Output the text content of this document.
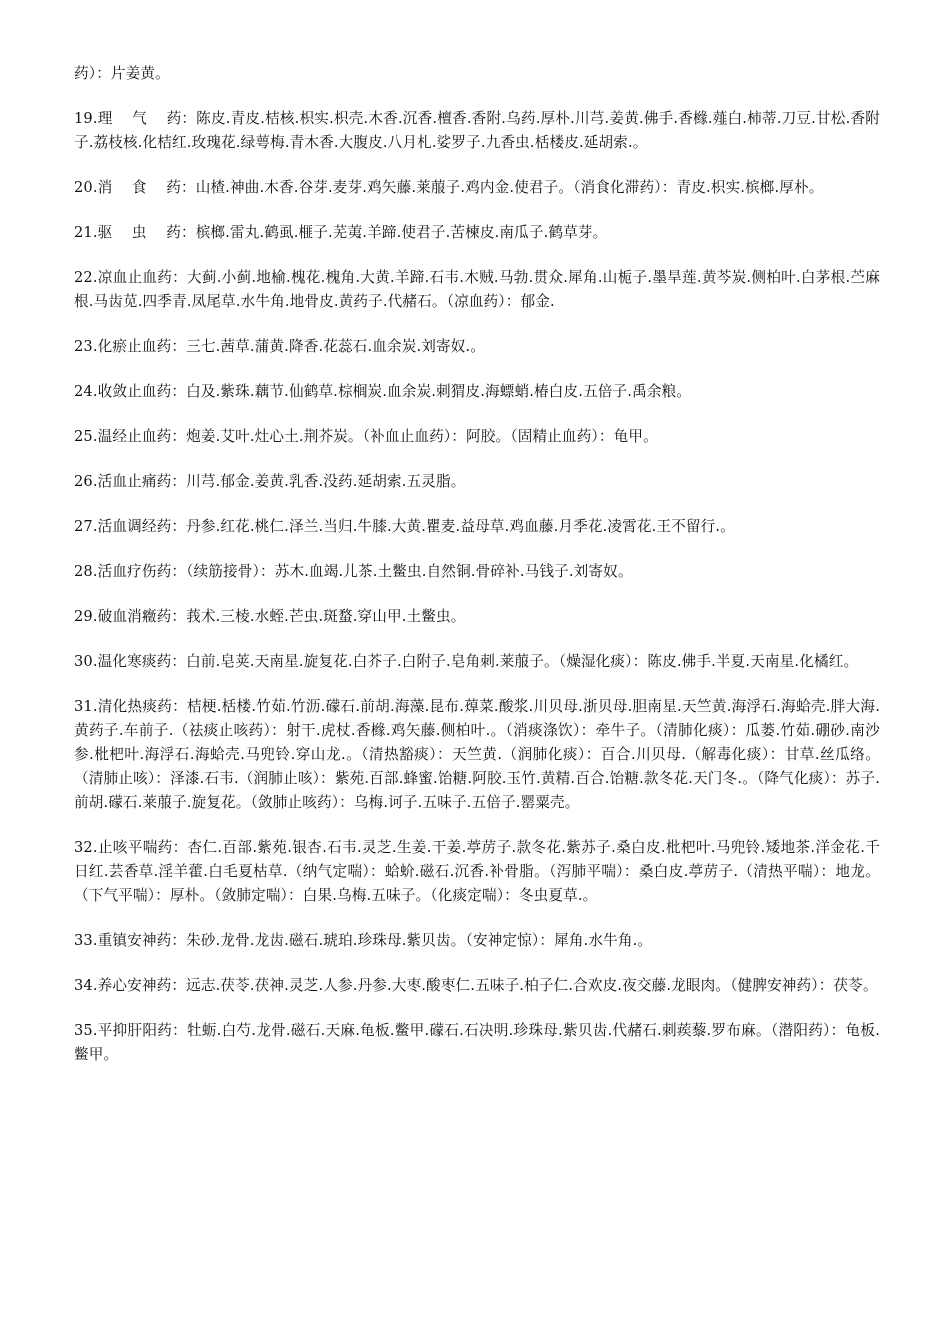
药）：片姜黄。

19.理　 气　 药：陈皮.青皮.桔核.枳实.枳壳.木香.沉香.檀香.香附.乌药.厚朴.川芎.姜黄.佛手.香橼.薤白.柿蒂.刀豆.甘松.香附子.荔枝核.化桔红.玫瑰花.绿萼梅.青木香.大腹皮.八月札.娑罗子.九香虫.栝楼皮.延胡索.。

20.消　 食　 药：山楂.神曲.木香.谷芽.麦芽.鸡矢藤.莱菔子.鸡内金.使君子。（消食化滞药）：青皮.枳实.槟榔.厚朴。

21.驱　 虫　 药：槟榔.雷丸.鹤虱.榧子.芜荑.羊蹄.使君子.苦楝皮.南瓜子.鹤草芽。

22.凉血止血药：大蓟.小蓟.地榆.槐花.槐角.大黄.羊蹄.石韦.木贼.马勃.贯众.犀角.山栀子.墨旱莲.黄芩炭.侧柏叶.白茅根.苎麻根.马齿苋.四季青.凤尾草.水牛角.地骨皮.黄药子.代赭石。（凉血药）：郁金.

23.化瘀止血药：三七.茜草.蒲黄.降香.花蕊石.血余炭.刘寄奴.。

24.收敛止血药：白及.紫珠.藕节.仙鹤草.棕榈炭.血余炭.刺猬皮.海螵蛸.椿白皮.五倍子.禹余粮。

25.温经止血药：炮姜.艾叶.灶心土.荆芥炭。（补血止血药）：阿胶。（固精止血药）：龟甲。

26.活血止痛药：川芎.郁金.姜黄.乳香.没药.延胡索.五灵脂。

27.活血调经药：丹参.红花.桃仁.泽兰.当归.牛膝.大黄.瞿麦.益母草.鸡血藤.月季花.凌霄花.王不留行.。

28.活血疗伤药：（续筋接骨）：苏木.血竭.儿茶.土鳖虫.自然铜.骨碎补.马钱子.刘寄奴。

29.破血消癥药：莪术.三棱.水蛭.芒虫.斑蝥.穿山甲.土鳖虫。

30.温化寒痰药：白前.皂荚.天南星.旋复花.白芥子.白附子.皂角刺.莱菔子。（燥湿化痰）：陈皮.佛手.半夏.天南星.化橘红。

31.清化热痰药：桔梗.栝楼.竹茹.竹沥.礞石.前胡.海藻.昆布.蔊菜.酸浆.川贝母.浙贝母.胆南星.天竺黄.海浮石.海蛤壳.胖大海.黄药子.车前子.（祛痰止咳药）：射干.虎杖.香橼.鸡矢藤.侧柏叶.。（消痰涤饮）：牵牛子。（清肺化痰）：瓜蒌.竹茹.硼砂.南沙参.枇杷叶.海浮石.海蛤壳.马兜铃.穿山龙.。（清热豁痰）：天竺黄.（润肺化痰）：百合.川贝母.（解毒化痰）：甘草.丝瓜络。（清肺止咳）：泽漆.石韦.（润肺止咳）：紫苑.百部.蜂蜜.饴糖.阿胶.玉竹.黄精.百合.饴糖.款冬花.天门冬.。（降气化痰）：苏子.前胡.礞石.莱菔子.旋复花。（敛肺止咳药）：乌梅.诃子.五味子.五倍子.罂粟壳。

32.止咳平喘药：杏仁.百部.紫苑.银杏.石韦.灵芝.生姜.干姜.葶苈子.款冬花.紫苏子.桑白皮.枇杷叶.马兜铃.矮地茶.洋金花.千日红.芸香草.淫羊藿.白毛夏枯草.（纳气定喘）：蛤蚧.磁石.沉香.补骨脂。（泻肺平喘）：桑白皮.葶苈子.（清热平喘）：地龙。（下气平喘）：厚朴。（敛肺定喘）：白果.乌梅.五味子。（化痰定喘）：冬虫夏草.。

33.重镇安神药：朱砂.龙骨.龙齿.磁石.琥珀.珍珠母.紫贝齿。（安神定惊）：犀角.水牛角.。

34.养心安神药：远志.茯苓.茯神.灵芝.人参.丹参.大枣.酸枣仁.五味子.柏子仁.合欢皮.夜交藤.龙眼肉。（健脾安神药）：茯苓。

35.平抑肝阳药：牡蛎.白芍.龙骨.磁石.天麻.龟板.鳖甲.礞石.石决明.珍珠母.紫贝齿.代赭石.刺蒺藜.罗布麻。（潜阳药）：龟板.鳖甲。
